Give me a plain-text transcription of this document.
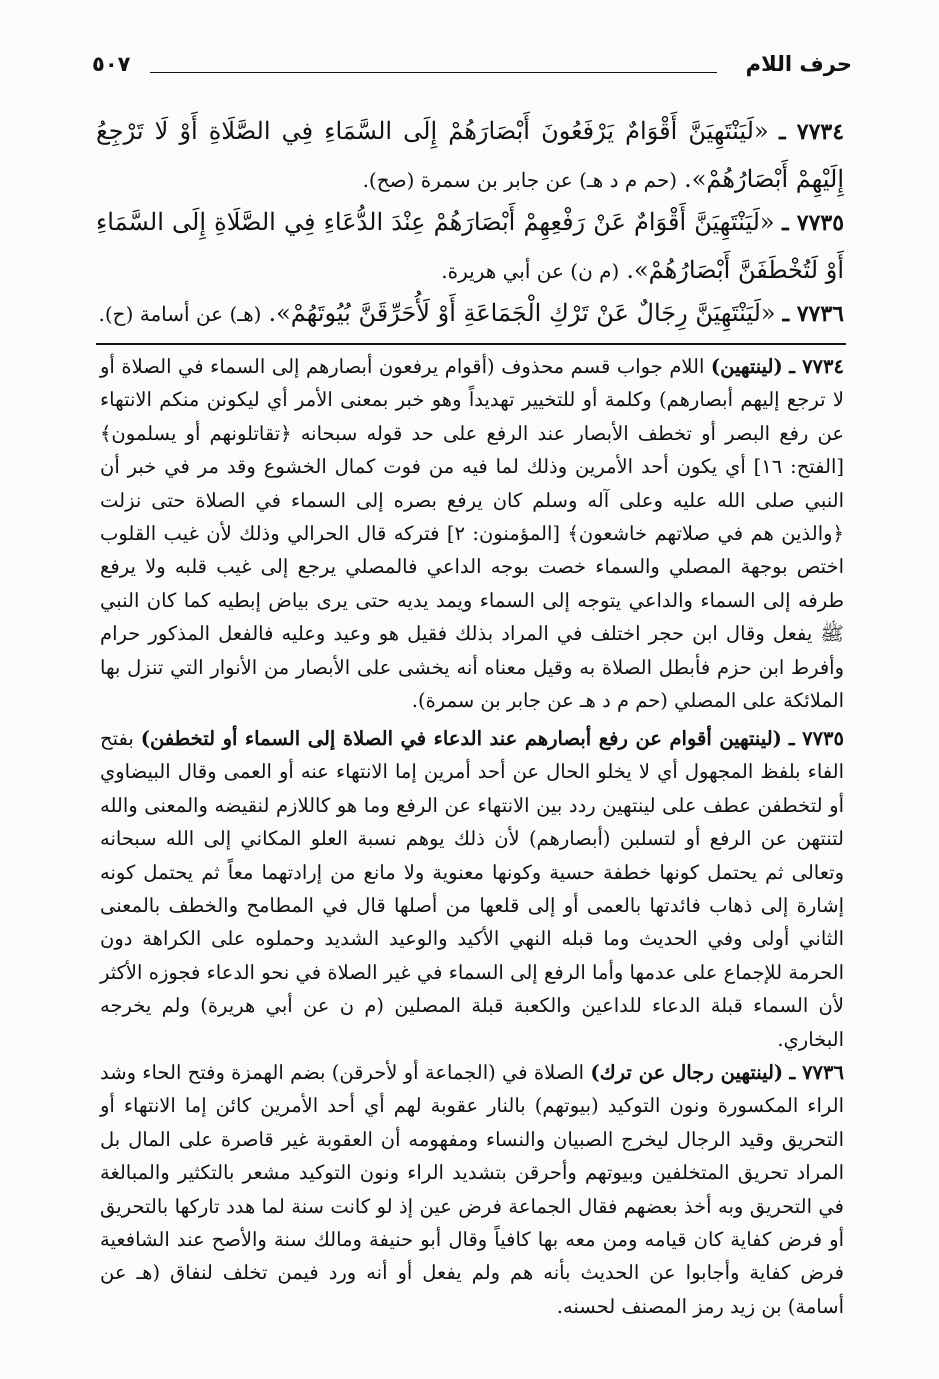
حرف اللام
٥٠٧

٧٧٣٤ ـ «لَيَنْتَهِيَنَّ أَقْوَامٌ يَرْفَعُونَ أَبْصَارَهُمْ إِلَى السَّمَاءِ فِي الصَّلَاةِ أَوْ لَا تَرْجِعُ إِلَيْهِمْ أَبْصَارُهُمْ». (حم م د هـ) عن جابر بن سمرة (صح).

٧٧٣٥ ـ «لَيَنْتَهِيَنَّ أَقْوَامٌ عَنْ رَفْعِهِمْ أَبْصَارَهُمْ عِنْدَ الدُّعَاءِ فِي الصَّلَاةِ إِلَى السَّمَاءِ أَوْ لَتُخْطَفَنَّ أَبْصَارُهُمْ». (م ن) عن أبي هريرة.

٧٧٣٦ ـ «لَيَنْتَهِيَنَّ رِجَالٌ عَنْ تَرْكِ الْجَمَاعَةِ أَوْ لَأُحَرِّقَنَّ بُيُوتَهُمْ». (هـ) عن أسامة (ح).

٧٧٣٤ ـ (لينتهين) اللام جواب قسم محذوف (أقوام يرفعون أبصارهم إلى السماء في الصلاة أو لا ترجع إليهم أبصارهم) وكلمة أو للتخيير تهديداً وهو خبر بمعنى الأمر أي ليكونن منكم الانتهاء عن رفع البصر أو تخطف الأبصار عند الرفع على حد قوله سبحانه ﴿تقاتلونهم أو يسلمون﴾ [الفتح: ١٦] أي يكون أحد الأمرين وذلك لما فيه من فوت كمال الخشوع وقد مر في خبر أن النبي صلى الله عليه وعلى آله وسلم كان يرفع بصره إلى السماء في الصلاة حتى نزلت ﴿والذين هم في صلاتهم خاشعون﴾ [المؤمنون: ٢] فتركه قال الحرالي وذلك لأن غيب القلوب اختص بوجهة المصلي والسماء خصت بوجه الداعي فالمصلي يرجع إلى غيب قلبه ولا يرفع طرفه إلى السماء والداعي يتوجه إلى السماء ويمد يديه حتى يرى بياض إبطيه كما كان النبي ﷺ يفعل وقال ابن حجر اختلف في المراد بذلك فقيل هو وعيد وعليه فالفعل المذكور حرام وأفرط ابن حزم فأبطل الصلاة به وقيل معناه أنه يخشى على الأبصار من الأنوار التي تنزل بها الملائكة على المصلي (حم م د هـ عن جابر بن سمرة).

٧٧٣٥ ـ (لينتهين أقوام عن رفع أبصارهم عند الدعاء في الصلاة إلى السماء أو لتخطفن) بفتح الفاء بلفظ المجهول أي لا يخلو الحال عن أحد أمرين إما الانتهاء عنه أو العمى وقال البيضاوي أو لتخطفن عطف على لينتهين ردد بين الانتهاء عن الرفع وما هو كاللازم لنقيضه والمعنى والله لتنتهن عن الرفع أو لتسلبن (أبصارهم) لأن ذلك يوهم نسبة العلو المكاني إلى الله سبحانه وتعالى ثم يحتمل كونها خطفة حسية وكونها معنوية ولا مانع من إرادتهما معاً ثم يحتمل كونه إشارة إلى ذهاب فائدتها بالعمى أو إلى قلعها من أصلها قال في المطامح والخطف بالمعنى الثاني أولى وفي الحديث وما قبله النهي الأكيد والوعيد الشديد وحملوه على الكراهة دون الحرمة للإجماع على عدمها وأما الرفع إلى السماء في غير الصلاة في نحو الدعاء فجوزه الأكثر لأن السماء قبلة الدعاء للداعين والكعبة قبلة المصلين (م ن عن أبي هريرة) ولم يخرجه البخاري.

٧٧٣٦ ـ (لينتهين رجال عن ترك) الصلاة في (الجماعة أو لأحرقن) بضم الهمزة وفتح الحاء وشد الراء المكسورة ونون التوكيد (بيوتهم) بالنار عقوبة لهم أي أحد الأمرين كائن إما الانتهاء أو التحريق وقيد الرجال ليخرج الصبيان والنساء ومفهومه أن العقوبة غير قاصرة على المال بل المراد تحريق المتخلفين وبيوتهم وأحرقن بتشديد الراء ونون التوكيد مشعر بالتكثير والمبالغة في التحريق وبه أخذ بعضهم فقال الجماعة فرض عين إذ لو كانت سنة لما هدد تاركها بالتحريق أو فرض كفاية كان قيامه ومن معه بها كافياً وقال أبو حنيفة ومالك سنة والأصح عند الشافعية فرض كفاية وأجابوا عن الحديث بأنه هم ولم يفعل أو أنه ورد فيمن تخلف لنفاق (هـ عن أسامة) بن زيد رمز المصنف لحسنه.
